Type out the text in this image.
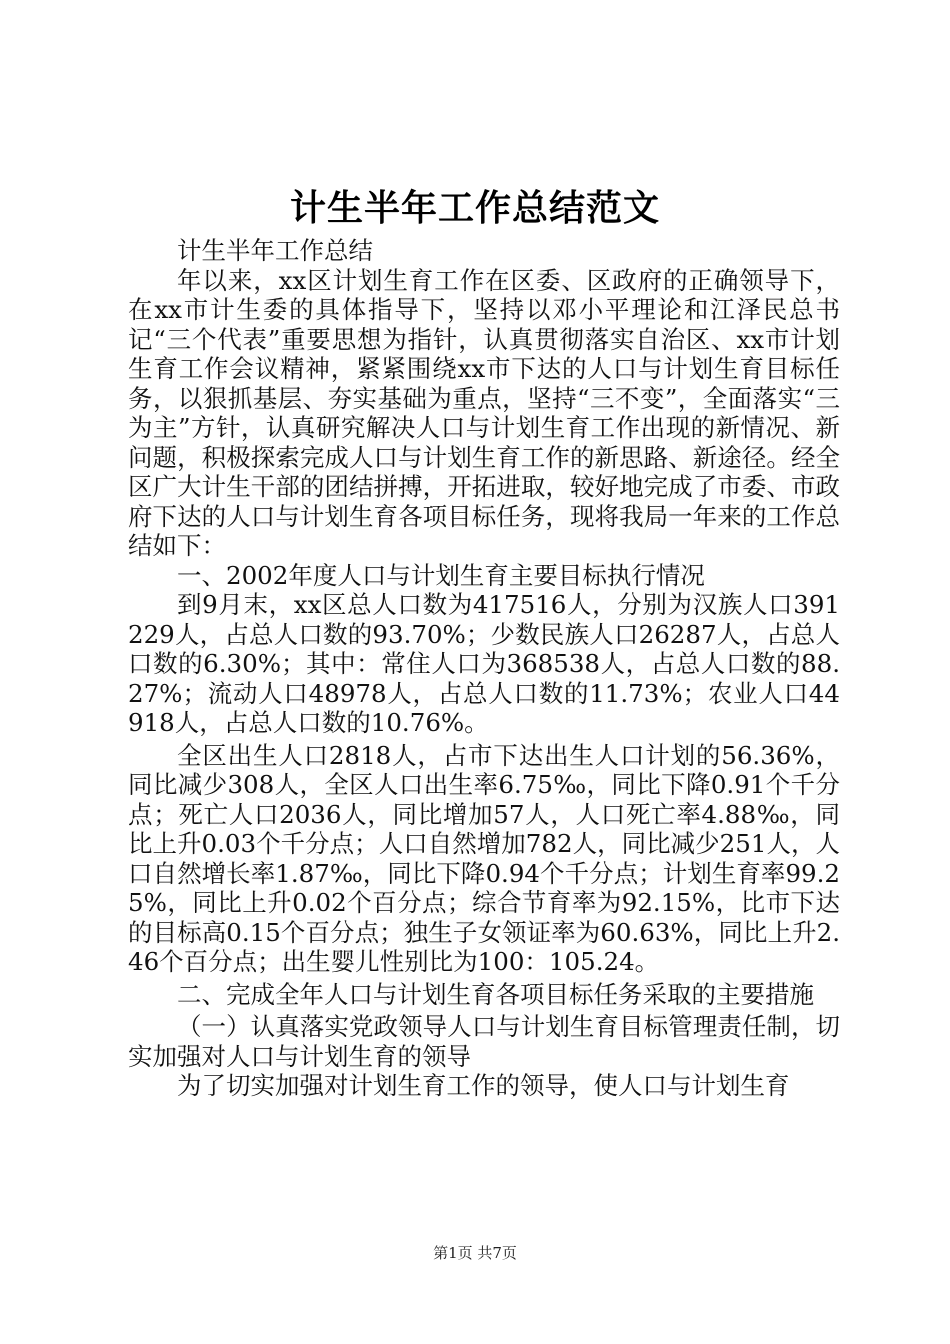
计生半年工作总结范文

计生半年工作总结

年以来，xx区计划生育工作在区委、区政府的正确领导下，在xx市计生委的具体指导下，坚持以邓小平理论和江泽民总书记“三个代表”重要思想为指针，认真贯彻落实自治区、xx市计划生育工作会议精神，紧紧围绕xx市下达的人口与计划生育目标任务，以狠抓基层、夯实基础为重点，坚持“三不变”，全面落实“三为主”方针，认真研究解决人口与计划生育工作出现的新情况、新问题，积极探索完成人口与计划生育工作的新思路、新途径。经全区广大计生干部的团结拼搏，开拓进取，较好地完成了市委、市政府下达的人口与计划生育各项目标任务，现将我局一年来的工作总结如下：

一、2002年度人口与计划生育主要目标执行情况

到9月末，xx区总人口数为417516人，分别为汉族人口391229人，占总人口数的93.70%；少数民族人口26287人，占总人口数的6.30%；其中：常住人口为368538人，占总人口数的88.27%；流动人口48978人，占总人口数的11.73%；农业人口44918人，占总人口数的10.76%。

全区出生人口2818人，占市下达出生人口计划的56.36%，同比减少308人，全区人口出生率6.75‰，同比下降0.91个千分点；死亡人口2036人，同比增加57人，人口死亡率4.88‰，同比上升0.03个千分点；人口自然增加782人，同比减少251人，人口自然增长率1.87‰，同比下降0.94个千分点；计划生育率99.25%，同比上升0.02个百分点；综合节育率为92.15%，比市下达的目标高0.15个百分点；独生子女领证率为60.63%，同比上升2.46个百分点；出生婴儿性别比为100：105.24。

二、完成全年人口与计划生育各项目标任务采取的主要措施

（一）认真落实党政领导人口与计划生育目标管理责任制，切实加强对人口与计划生育的领导

为了切实加强对计划生育工作的领导，使人口与计划生育

第1页 共7页
